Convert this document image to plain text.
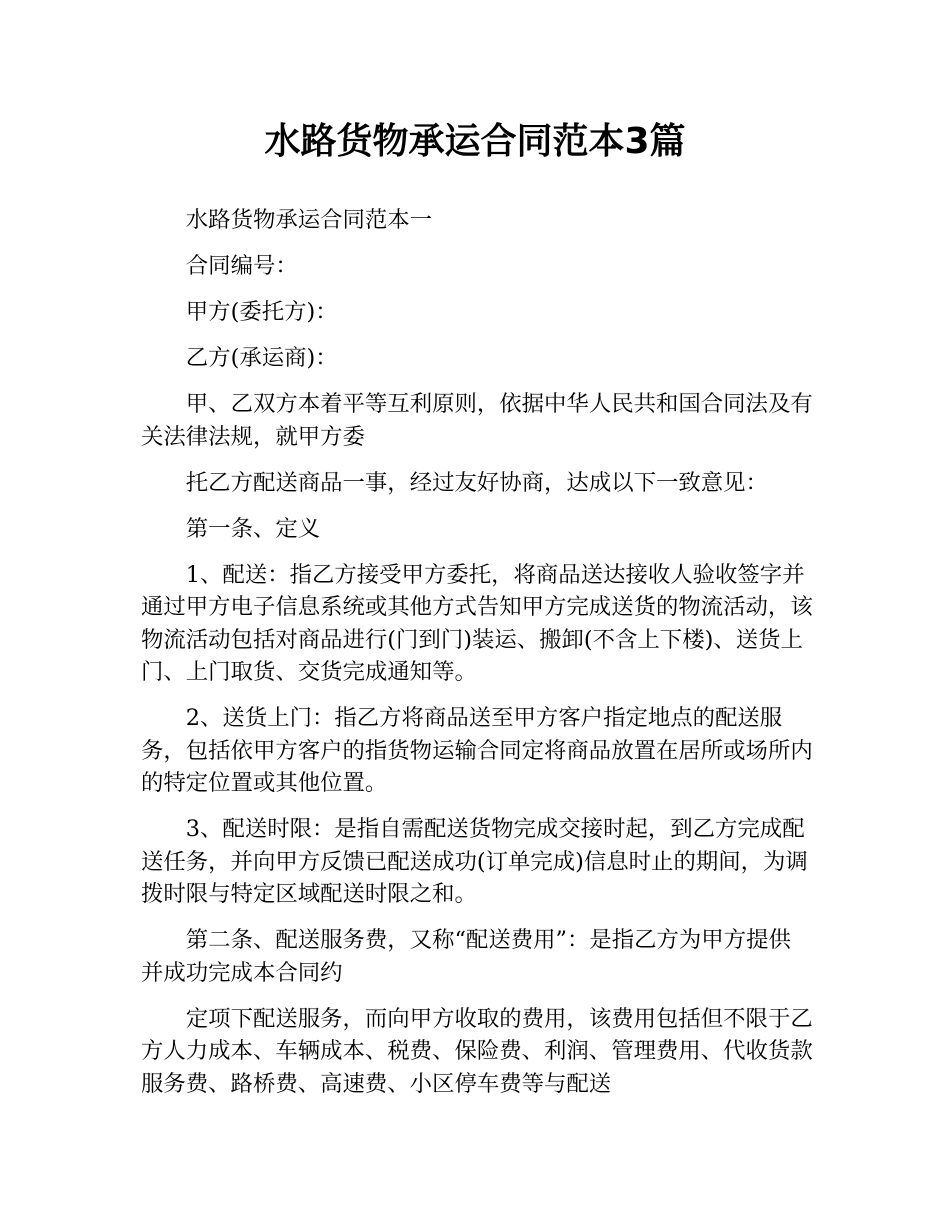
水路货物承运合同范本3篇

水路货物承运合同范本一

合同编号：

甲方(委托方)：

乙方(承运商)：

甲、乙双方本着平等互利原则，依据中华人民共和国合同法及有关法律法规，就甲方委

托乙方配送商品一事，经过友好协商，达成以下一致意见：

第一条、定义

1、配送：指乙方接受甲方委托，将商品送达接收人验收签字并通过甲方电子信息系统或其他方式告知甲方完成送货的物流活动，该物流活动包括对商品进行(门到门)装运、搬卸(不含上下楼)、送货上门、上门取货、交货完成通知等。

2、送货上门：指乙方将商品送至甲方客户指定地点的配送服务，包括依甲方客户的指货物运输合同定将商品放置在居所或场所内的特定位置或其他位置。

3、配送时限：是指自需配送货物完成交接时起，到乙方完成配送任务，并向甲方反馈已配送成功(订单完成)信息时止的期间，为调拨时限与特定区域配送时限之和。

第二条、配送服务费，又称“配送费用”：是指乙方为甲方提供并成功完成本合同约

定项下配送服务，而向甲方收取的费用，该费用包括但不限于乙方人力成本、车辆成本、税费、保险费、利润、管理费用、代收货款服务费、路桥费、高速费、小区停车费等与配送
